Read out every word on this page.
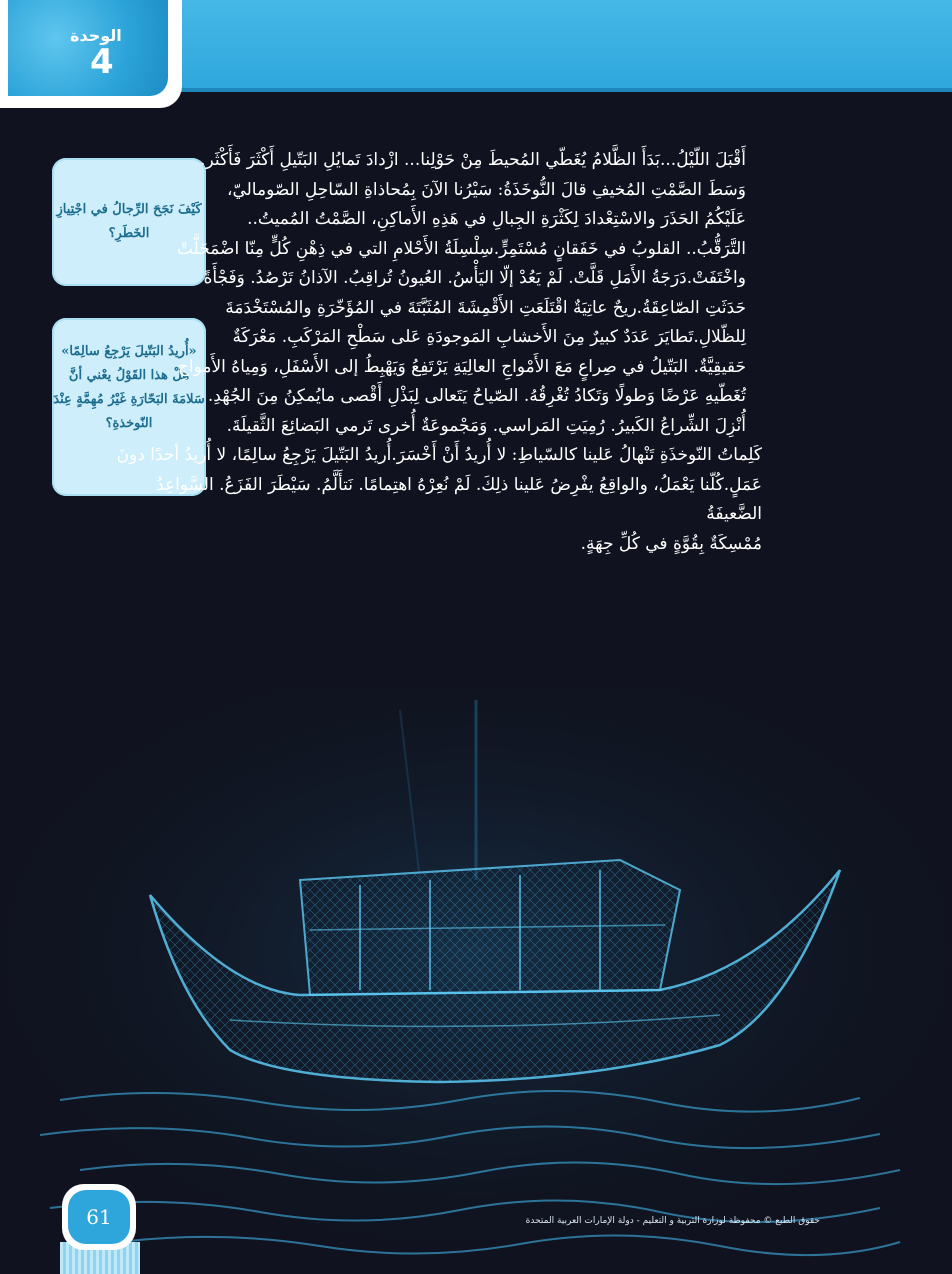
الوحدة
4
كَيْفَ نَجَحَ الرِّجالُ في اجْتِيازِ الخَطَرِ؟
«أُريدُ البَتّيلَ يَرْجِعُ سالِمًا» هلْ هذا القَوْلُ يعْني أنَّ سَلامَةَ البَحّارَةِ غَيْرُ مُهِمَّةٍ عِنْدَ النّوخذةِ؟

أَقْبَلَ اللّيْلُ...بَدَأَ الظَّلامُ يُغَطّي المُحيطَ مِنْ حَوْلِنا... ازْدادَ تَمايُلِ البَتّيلِ أَكْثَرَ فَأَكْثَر.

وَسَطَ الصَّمْتِ المُخيفِ قالَ النُّوخَذَةُ: سَيْرُنا الآنَ بِمُحاذاةِ السّاحِلِ الصّوماليّ،

عَلَيْكُمُ الحَذَرَ والاسْتِعْدادَ لِكَثْرَةِ الجِبالِ في هَذِهِ الأَماكِنِ، الصَّمْتُ المُميتُ..

التَّرَقُّبُ.. القلوبُ في خَفَقانٍ مُسْتَمِرٍّ.سِلْسِلَةُ الأَحْلامِ التي في ذِهْنِ كُلٍّ مِنّا اضْمَحَلَّتْ

واخْتَفَتْ.دَرَجَةُ الأَمَلِ قَلَّتْ. لَمْ يَعُدْ إلّا اليَأْسُ. العُيونُ تُراقِبُ. الآذانُ تَرْصُدُ. وَفَجْأَةً

حَدَثَتِ الصّاعِقَةُ.ريحٌ عاتِيَةٌ اقْتَلَعَتِ الأَقْمِشَةَ المُثَبَّتَةَ في المُؤَخّرَةِ والمُسْتَخْدَمَةَ

لِلظّلالِ.تَطايَرَ عَدَدٌ كبيرٌ مِنَ الأَخشابِ المَوجودَةِ عَلى سَطْحِ المَرْكَبِ. مَعْرَكَةٌ

حَقيقِيَّةٌ. البَتّيلُ في صِراعٍ مَعَ الأَمْواجِ العالِيَةِ يَرْتَفِعُ وَيَهْبِطُ إلى الأَسْفَلِ، وَمِياهُ الأَمواجِ

تُغَطّيهِ عَرْضًا وَطولًا وَتَكادُ تُغْرِقُهُ. الصّياحُ يَتَعالى لِبَذْلِ أَقْصى مايُمكِنُ مِنَ الجُهْدِ.

أُنْزِلَ الشِّراعُ الكَبيرُ. رُمِيَتِ المَراسي. وَمَجْموعَةٌ أُخرى تَرمي البَضائِعَ الثَّقيلَةَ.

كَلِماتُ النّوخذَةِ تَنْهالُ عَلينا كالسّياطِ: لا أُريدُ أَنْ أَخْسَرَ.أُريدُ البَتّيلَ يَرْجِعُ سالِمًا، لا أُريدُ أحدًا دونَ

عَمَلٍ.كُلّنا يَعْمَلُ، والواقِعُ يفْرِضُ عَلينا ذلِكَ. لَمْ نُعِرْهُ اهتِمامًا. نَتأَلَّمُ. سَيْطَرَ الفَزَعُ. السَّواعِدُ الضَّعيفَةُ

مُمْسِكَةٌ بِقُوَّةٍ في كُلِّ جِهَةٍ.

61	حقوق الطبع © محفوظة لوزارة التربية و التعليم - دولة الإمارات العربية المتحدة
